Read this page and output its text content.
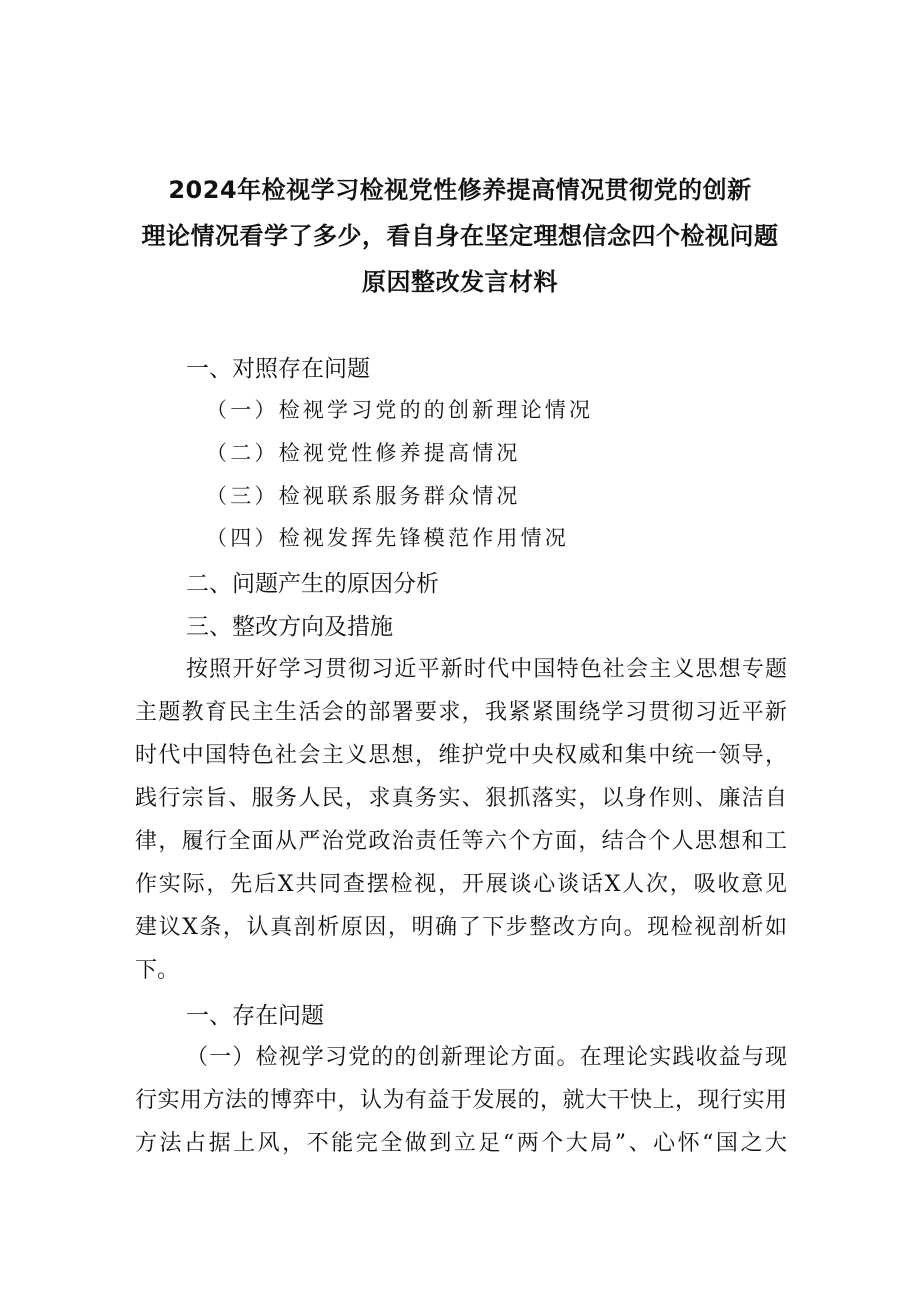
2024年检视学习检视党性修养提高情况贯彻党的创新
理论情况看学了多少，看自身在坚定理想信念四个检视问题
原因整改发言材料
一、对照存在问题
（一）检视学习党的的创新理论情况
（二）检视党性修养提高情况
（三）检视联系服务群众情况
（四）检视发挥先锋模范作用情况
二、问题产生的原因分析
三、整改方向及措施
按照开好学习贯彻习近平新时代中国特色社会主义思想专题
主题教育民主生活会的部署要求，我紧紧围绕学习贯彻习近平新
时代中国特色社会主义思想，维护党中央权威和集中统一领导，
践行宗旨、服务人民，求真务实、狠抓落实，以身作则、廉洁自
律，履行全面从严治党政治责任等六个方面，结合个人思想和工
作实际，先后X共同查摆检视，开展谈心谈话X人次，吸收意见
建议X条，认真剖析原因，明确了下步整改方向。现检视剖析如
下。
一、存在问题
（一）检视学习党的的创新理论方面。在理论实践收益与现
行实用方法的博弈中，认为有益于发展的，就大干快上，现行实用
方法占据上风，不能完全做到立足“两个大局”、心怀“国之大
